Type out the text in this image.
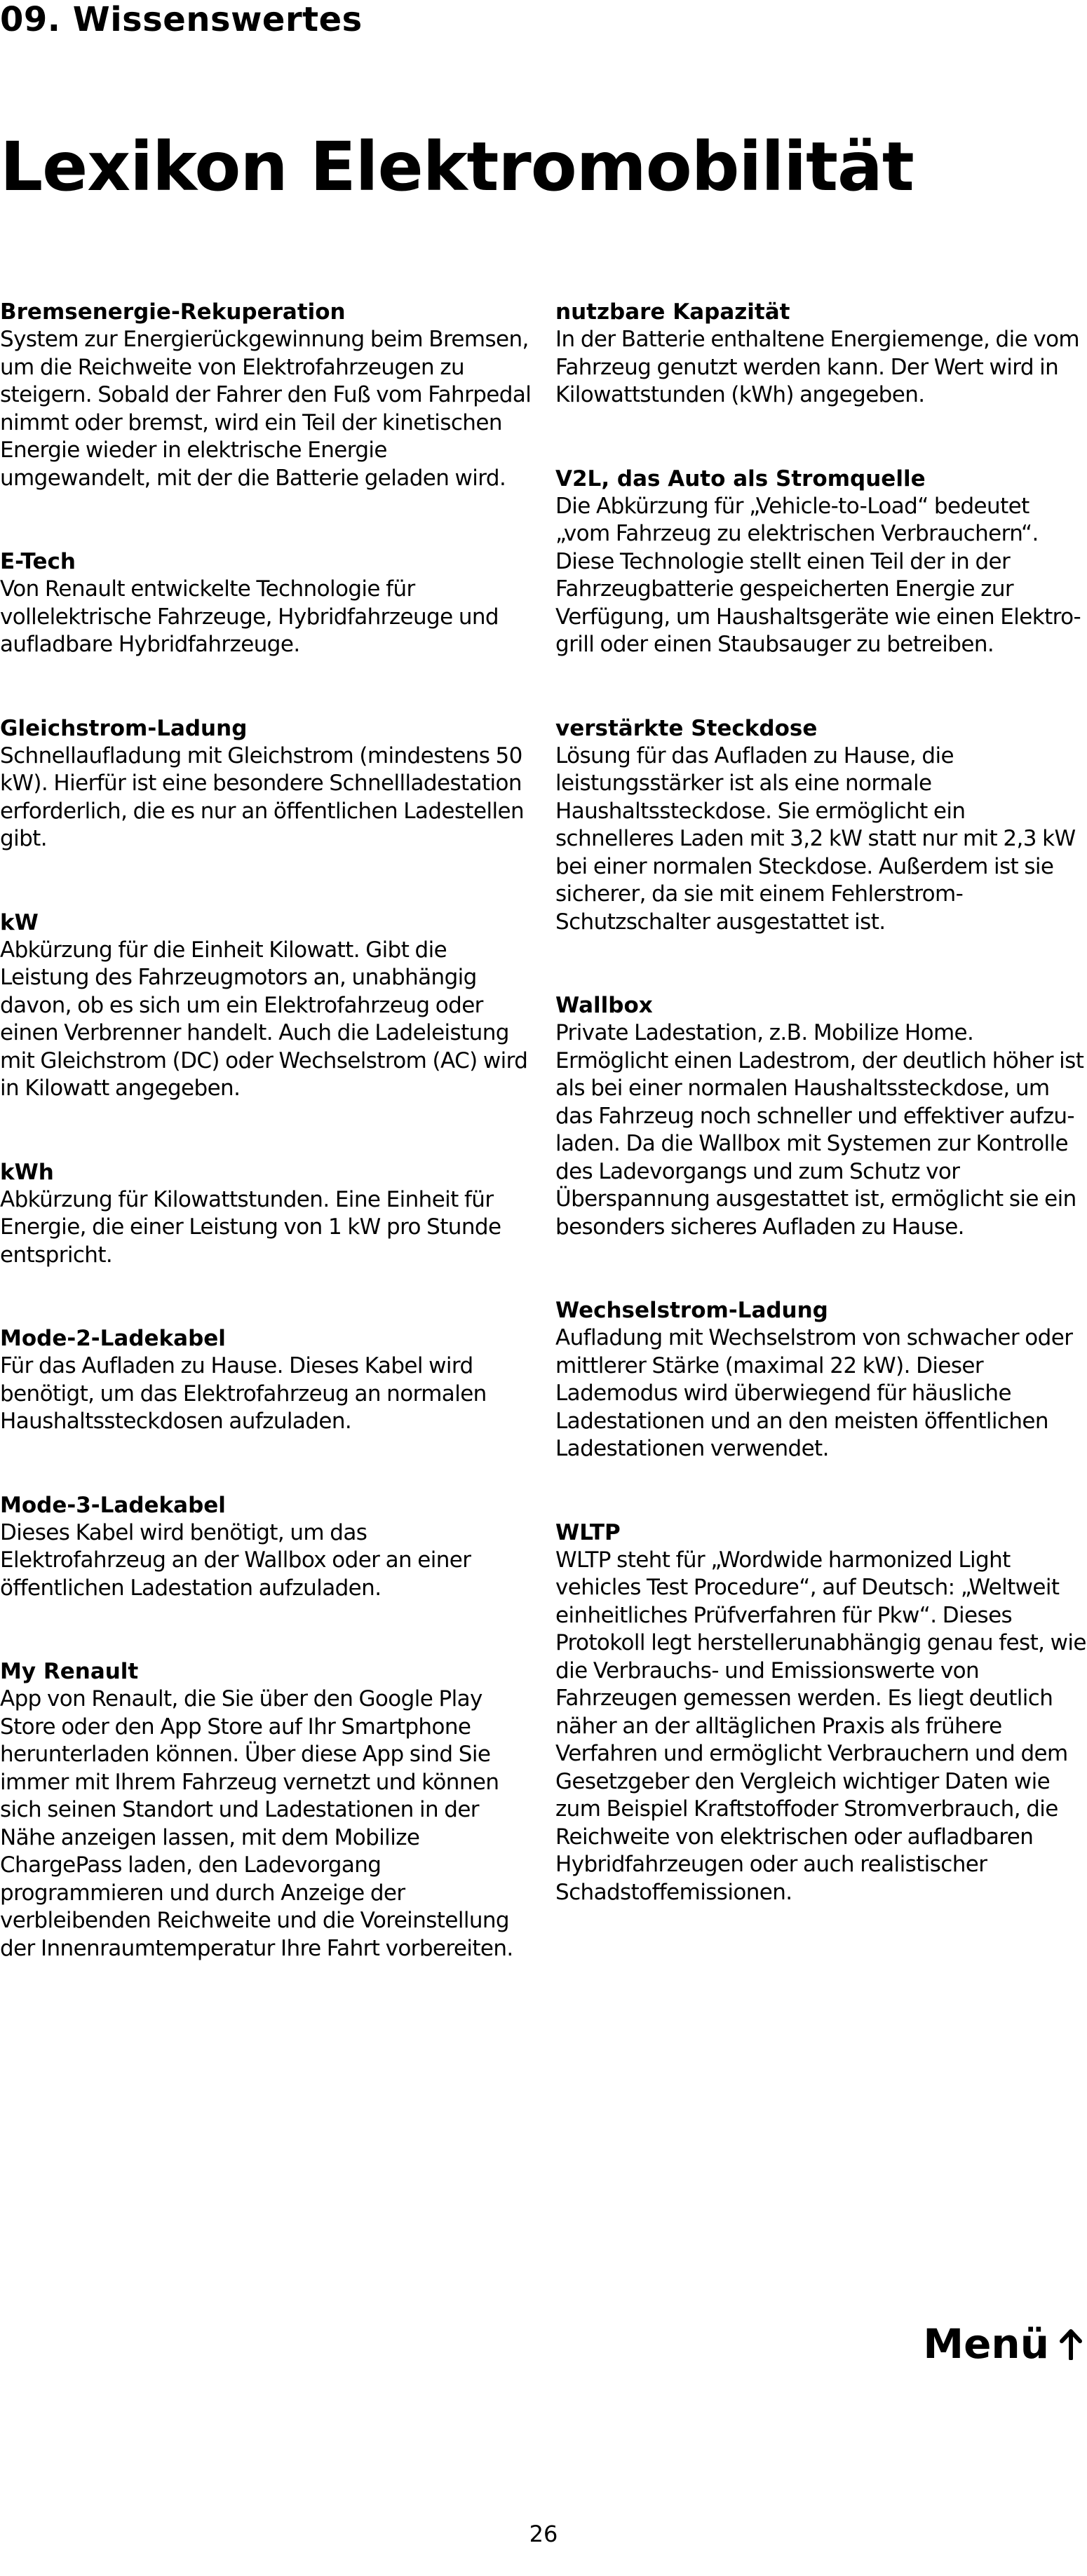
09. Wissenswertes
Lexikon Elektromobilität

Bremsenergie-Rekuperation

System zur Energierückgewinnung beim Bremsen, um die Reichweite von Elektrofahrzeugen zu steigern. Sobald der Fahrer den Fuß vom Fahrpedal nimmt oder bremst, wird ein Teil der kinetischen Energie wieder in elektrische Energie umgewandelt, mit der die Batterie geladen wird.

E-Tech

Von Renault entwickelte Technologie für vollelektrische Fahrzeuge, Hybridfahrzeuge und aufladbare Hybridfahrzeuge.

Gleichstrom-Ladung

Schnellaufladung mit Gleichstrom (mindestens 50 kW). Hierfür ist eine besondere Schnellladestation erforderlich, die es nur an öffentlichen Ladestellen gibt.

kW

Abkürzung für die Einheit Kilowatt. Gibt die Leistung des Fahrzeugmotors an, unabhängig davon, ob es sich um ein Elektrofahrzeug oder einen Verbrenner handelt. Auch die Ladeleistung mit Gleichstrom (DC) oder Wechselstrom (AC) wird in Kilowatt angegeben.

kWh

Abkürzung für Kilowattstunden. Eine Einheit für Energie, die einer Leistung von 1 kW pro Stunde entspricht.

Mode-2-Ladekabel

Für das Aufladen zu Hause. Dieses Kabel wird benötigt, um das Elektrofahrzeug an normalen Haushaltssteckdosen aufzuladen.

Mode-3-Ladekabel

Dieses Kabel wird benötigt, um das Elektrofahrzeug an der Wallbox oder an einer öffentlichen Ladestation aufzuladen.

My Renault

App von Renault, die Sie über den Google Play Store oder den App Store auf Ihr Smartphone herunterladen können. Über diese App sind Sie immer mit Ihrem Fahrzeug vernetzt und können sich seinen Standort und Ladestationen in der Nähe anzeigen lassen, mit dem Mobilize ChargePass laden, den Ladevorgang programmieren und durch Anzeige der verbleibenden Reichweite und die Voreinstellung der Innenraumtemperatur Ihre Fahrt vorbereiten.

nutzbare Kapazität

In der Batterie enthaltene Energiemenge, die vom Fahrzeug genutzt werden kann. Der Wert wird in Kilowattstunden (kWh) angegeben.

V2L, das Auto als Stromquelle

Die Abkürzung für „Vehicle-to-Load“ bedeutet „vom Fahrzeug zu elektrischen Verbrauchern“. Diese Technologie stellt einen Teil der in der Fahrzeugbatterie gespeicherten Energie zur Verfügung, um Haushaltsgeräte wie einen Elektrogrill oder einen Staubsauger zu betreiben.

verstärkte Steckdose

Lösung für das Aufladen zu Hause, die leistungsstärker ist als eine normale Haushaltssteckdose. Sie ermöglicht ein schnelleres Laden mit 3,2 kW statt nur mit 2,3 kW bei einer normalen Steckdose. Außerdem ist sie sicherer, da sie mit einem Fehlerstrom-Schutzschalter ausgestattet ist.

Wallbox

Private Ladestation, z.B. Mobilize Home. Ermöglicht einen Ladestrom, der deutlich höher ist als bei einer normalen Haushaltssteckdose, um das Fahrzeug noch schneller und effektiver aufzuladen. Da die Wallbox mit Systemen zur Kontrolle des Ladevorgangs und zum Schutz vor Überspannung ausgestattet ist, ermöglicht sie ein besonders sicheres Aufladen zu Hause.

Wechselstrom-Ladung

Aufladung mit Wechselstrom von schwacher oder mittlerer Stärke (maximal 22 kW). Dieser Lademodus wird überwiegend für häusliche Ladestationen und an den meisten öffentlichen Ladestationen verwendet.

WLTP

WLTP steht für „Wordwide harmonized Light vehicles Test Procedure“, auf Deutsch: „Weltweit einheitliches Prüfverfahren für Pkw“. Dieses Protokoll legt herstellerunabhängig genau fest, wie die Verbrauchs- und Emissionswerte von Fahrzeugen gemessen werden. Es liegt deutlich näher an der alltäglichen Praxis als frühere Verfahren und ermöglicht Verbrauchern und dem Gesetzgeber den Vergleich wichtiger Daten wie zum Beispiel Kraftstoffoder Stromverbrauch, die Reichweite von elektrischen oder aufladbaren Hybridfahrzeugen oder auch realistischer Schadstoffemissionen.

Menü
26
